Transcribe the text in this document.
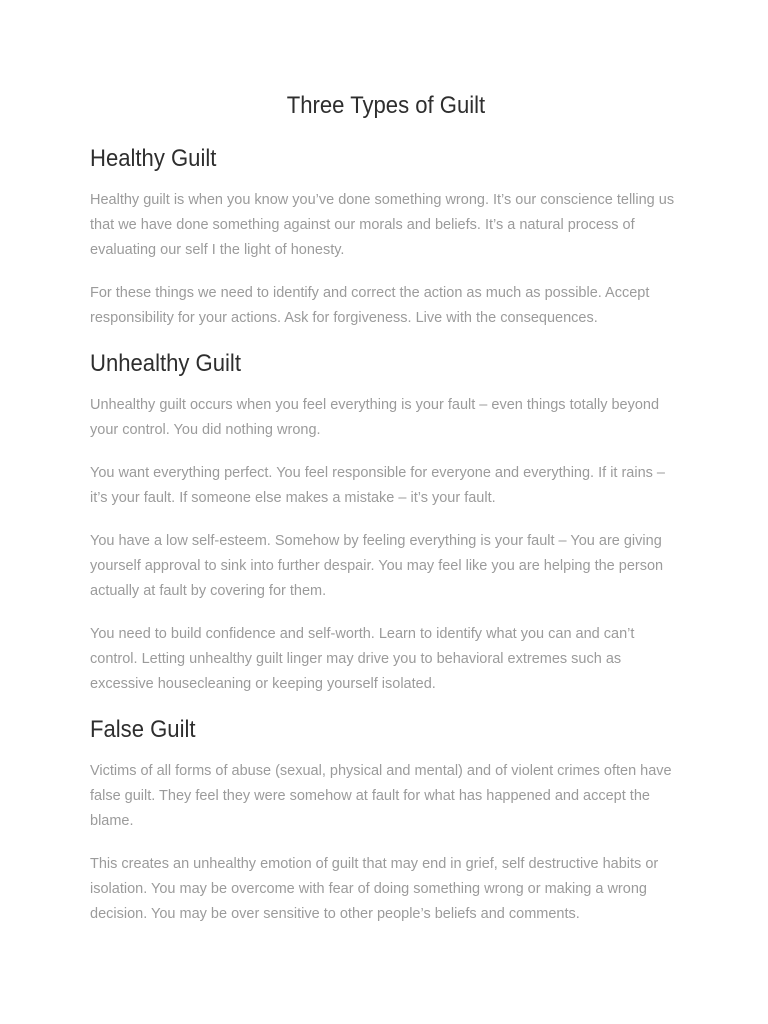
Three Types of Guilt
Healthy Guilt

Healthy guilt is when you know you’ve done something wrong. It’s our conscience telling us that we have done something against our morals and beliefs. It’s a natural process of evaluating our self I the light of honesty.

For these things we need to identify and correct the action as much as possible. Accept responsibility for your actions. Ask for forgiveness. Live with the consequences.

Unhealthy Guilt

Unhealthy guilt occurs when you feel everything is your fault – even things totally beyond your control. You did nothing wrong.

You want everything perfect. You feel responsible for everyone and everything. If it rains – it’s your fault. If someone else makes a mistake – it’s your fault.

You have a low self-esteem. Somehow by feeling everything is your fault – You are giving yourself approval to sink into further despair. You may feel like you are helping the person actually at fault by covering for them.

You need to build confidence and self-worth. Learn to identify what you can and can’t control. Letting unhealthy guilt linger may drive you to behavioral extremes such as excessive housecleaning or keeping yourself isolated.

False Guilt

Victims of all forms of abuse (sexual, physical and mental) and of violent crimes often have false guilt. They feel they were somehow at fault for what has happened and accept the blame.

This creates an unhealthy emotion of guilt that may end in grief, self destructive habits or isolation. You may be overcome with fear of doing something wrong or making a wrong decision. You may be over sensitive to other people’s beliefs and comments.
